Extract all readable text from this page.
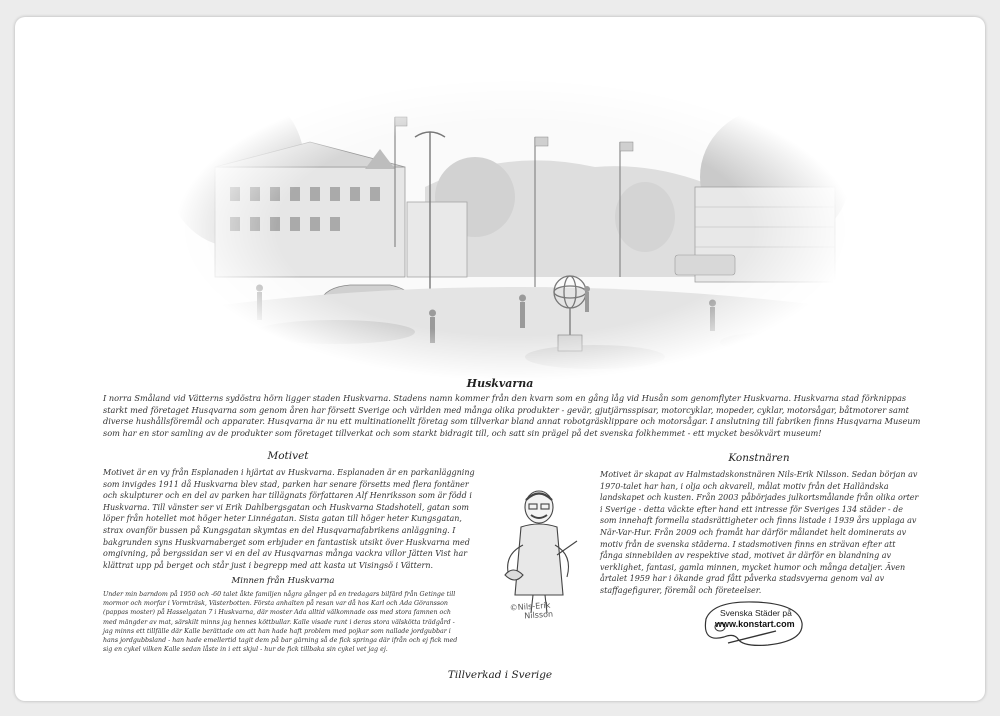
Huskvarna
I norra Småland vid Vätterns sydöstra hörn ligger staden Huskvarna. Stadens namn kommer från den kvarn som en gång låg vid Husån som genomflyter Huskvarna. Huskvarna stad förknippas starkt med företaget Husqvarna som genom åren har försett Sverige och världen med många olika produkter - gevär, gjutjärnsspisar, motorcyklar, mopeder, cyklar, motorsågar, båtmotorer samt diverse hushållsföremål och apparater. Husqvarna är nu ett multinationellt företag som tillverkar bland annat robotgräsklippare och motorsågar. I anslutning till fabriken finns Husqvarna Museum som har en stor samling av de produkter som företaget tillverkat och som starkt bidragit till, och satt sin prägel på det svenska folkhemmet - ett mycket besökvärt museum!
Motivet
Motivet är en vy från Esplanaden i hjärtat av Huskvarna. Esplanaden är en parkanläggning som invigdes 1911 då Huskvarna blev stad, parken har senare försetts med flera fontäner och skulpturer och en del av parken har tillägnats författaren Alf Henriksson som är född i Huskvarna. Till vänster ser vi Erik Dahlbergsgatan och Huskvarna Stadshotell, gatan som löper från hotellet mot höger heter Linnégatan. Sista gatan till höger heter Kungsgatan, strax ovanför bussen på Kungsgatan skymtas en del Husqvarnafabrikens anläggning. I bakgrunden syns Huskvarnaberget som erbjuder en fantastisk utsikt över Huskvarna med omgivning, på bergssidan ser vi en del av Husqvarnas många vackra villor Jätten Vist har klättrat upp på berget och står just i begrepp med att kasta ut Visingsö i Vättern.
Minnen från Huskvarna
Under min barndom på 1950 och -60 talet åkte familjen några gånger på en tredagars bilfärd från Getinge till mormor och morfar i Vormträsk, Västerbotten. Första anhalten på resan var då hos Karl och Ada Göransson (pappas moster) på Hasselgatan 7 i Huskvarna, där moster Ada alltid välkomnade oss med stora famnen och med mängder av mat, särskilt minns jag hennes köttbullar. Kalle visade runt i deras stora välskötta trädgård - jag minns ett tillfälle där Kalle berättade om att han hade haft problem med pojkar som nallade jordgubbar i hans jordgubbsland - han hade emellertid tagit dem på bar gärning så de fick springa där ifrån och ej fick med sig en cykel vilken Kalle sedan låste in i ett skjul - hur de fick tillbaka sin cykel vet jag ej.
Konstnären
Motivet är skapat av Halmstadskonstnären Nils-Erik Nilsson. Sedan början av 1970-talet har han, i olja och akvarell, målat motiv från det Halländska landskapet och kusten. Från 2003 påbörjades julkortsmålande från olika orter i Sverige - detta väckte efter hand ett intresse för Sveriges 134 städer - de som innehaft formella stadsrättigheter och finns listade i 1939 års upplaga av När-Var-Hur. Från 2009 och framåt har därför målandet helt dominerats av motiv från de svenska städerna. I stadsmotiven finns en strävan efter att fånga sinnebilden av respektive stad, motivet är därför en blandning av verklighet, fantasi, gamla minnen, mycket humor och många detaljer. Även årtalet 1959 har i ökande grad fått påverka stadsvyerna genom val av staffagefigurer, föremål och företeelser.
©Nils-Erik
Nilsson	Svenska Städer på
www.konstart.com
Tillverkad i Sverige
